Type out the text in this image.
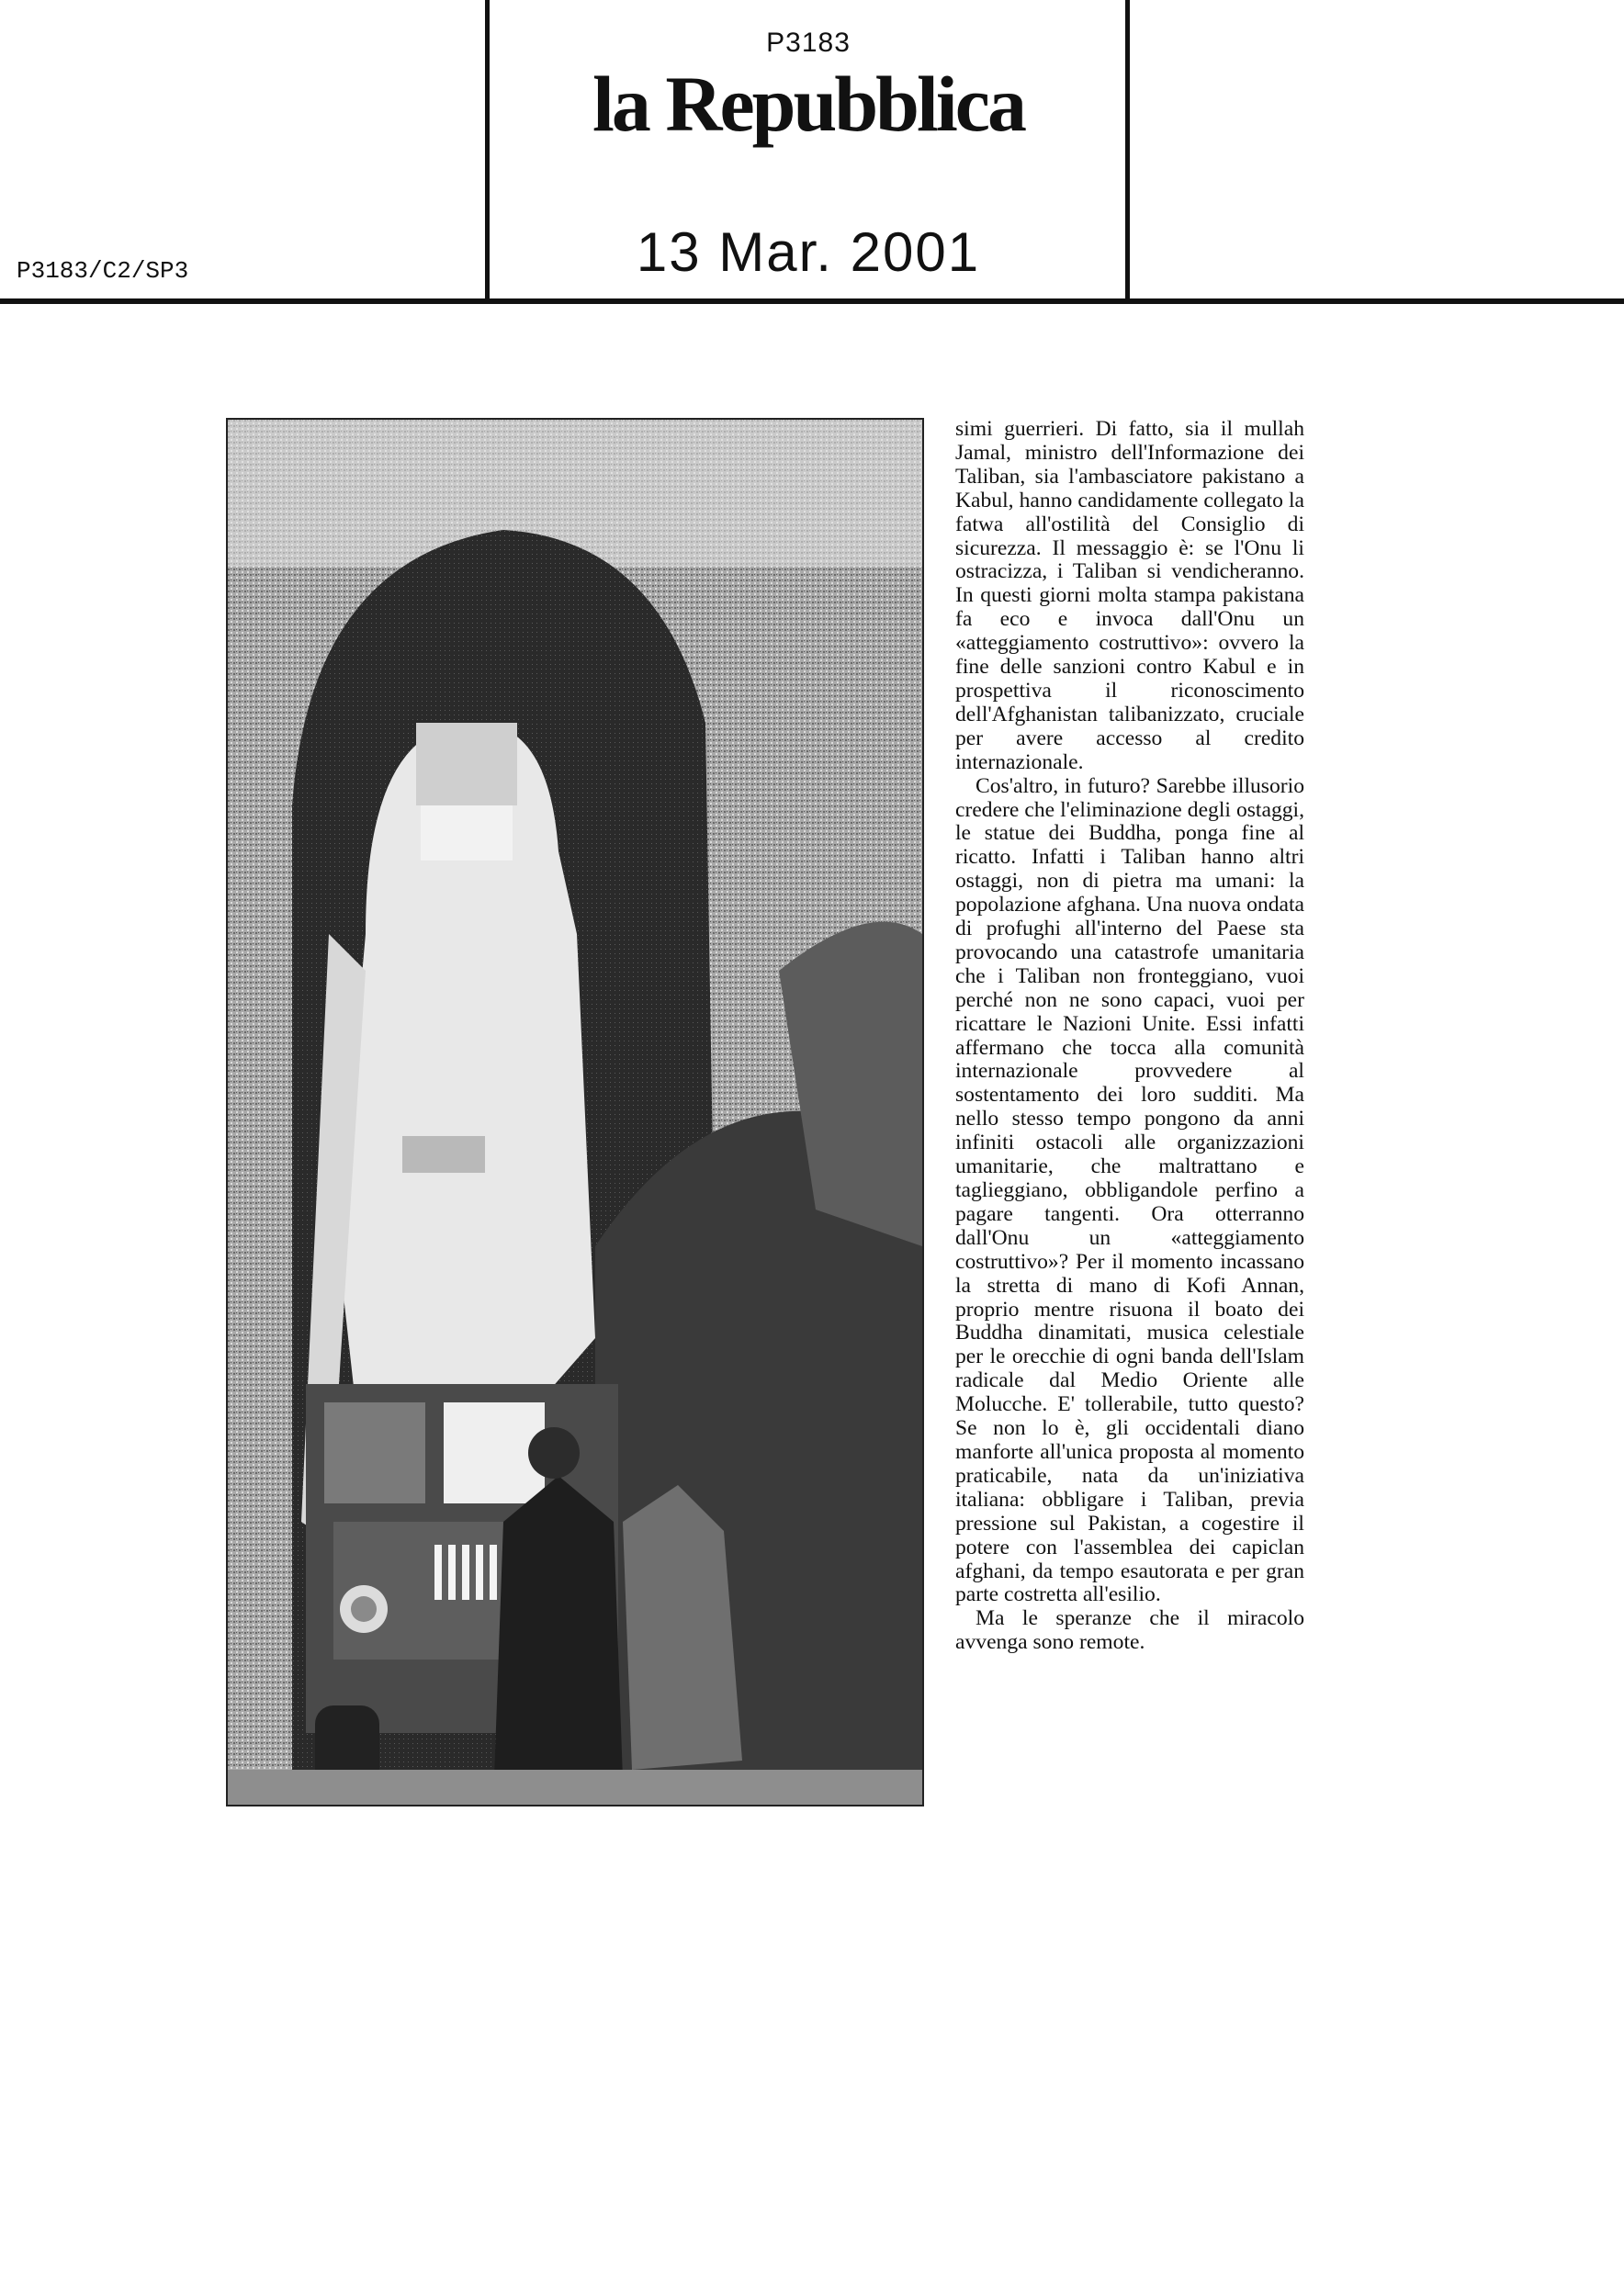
P3183
la Repubblica
13 Mar. 2001
P3183/C2/SP3

simi guerrieri. Di fatto, sia il mullah Jamal, ministro dell'Informazione dei Taliban, sia l'ambasciatore pakistano a Kabul, hanno candidamente collegato la fatwa all'ostilità del Consiglio di sicurezza. Il messaggio è: se l'Onu li ostracizza, i Taliban si vendicheranno. In questi giorni molta stampa pakistana fa eco e invoca dall'Onu un «atteggiamento costruttivo»: ovvero la fine delle sanzioni contro Kabul e in prospettiva il riconoscimento dell'Afghanistan talibanizzato, cruciale per avere accesso al credito internazionale.

Cos'altro, in futuro? Sarebbe illusorio credere che l'eliminazione degli ostaggi, le statue dei Buddha, ponga fine al ricatto. Infatti i Taliban hanno altri ostaggi, non di pietra ma umani: la popolazione afghana. Una nuova ondata di profughi all'interno del Paese sta provocando una catastrofe umanitaria che i Taliban non fronteggiano, vuoi perché non ne sono capaci, vuoi per ricattare le Nazioni Unite. Essi infatti affermano che tocca alla comunità internazionale provvedere al sostentamento dei loro sudditi. Ma nello stesso tempo pongono da anni infiniti ostacoli alle organizzazioni umanitarie, che maltrattano e taglieggiano, obbligandole perfino a pagare tangenti. Ora otterranno dall'Onu un «atteggiamento costruttivo»? Per il momento incassano la stretta di mano di Kofi Annan, proprio mentre risuona il boato dei Buddha dinamitati, musica celestiale per le orecchie di ogni banda dell'Islam radicale dal Medio Oriente alle Molucche. E' tollerabile, tutto questo? Se non lo è, gli occidentali diano manforte all'unica proposta al momento praticabile, nata da un'iniziativa italiana: obbligare i Taliban, previa pressione sul Pakistan, a cogestire il potere con l'assemblea dei capiclan afghani, da tempo esautorata e per gran parte costretta all'esilio.

Ma le speranze che il miracolo avvenga sono remote.
